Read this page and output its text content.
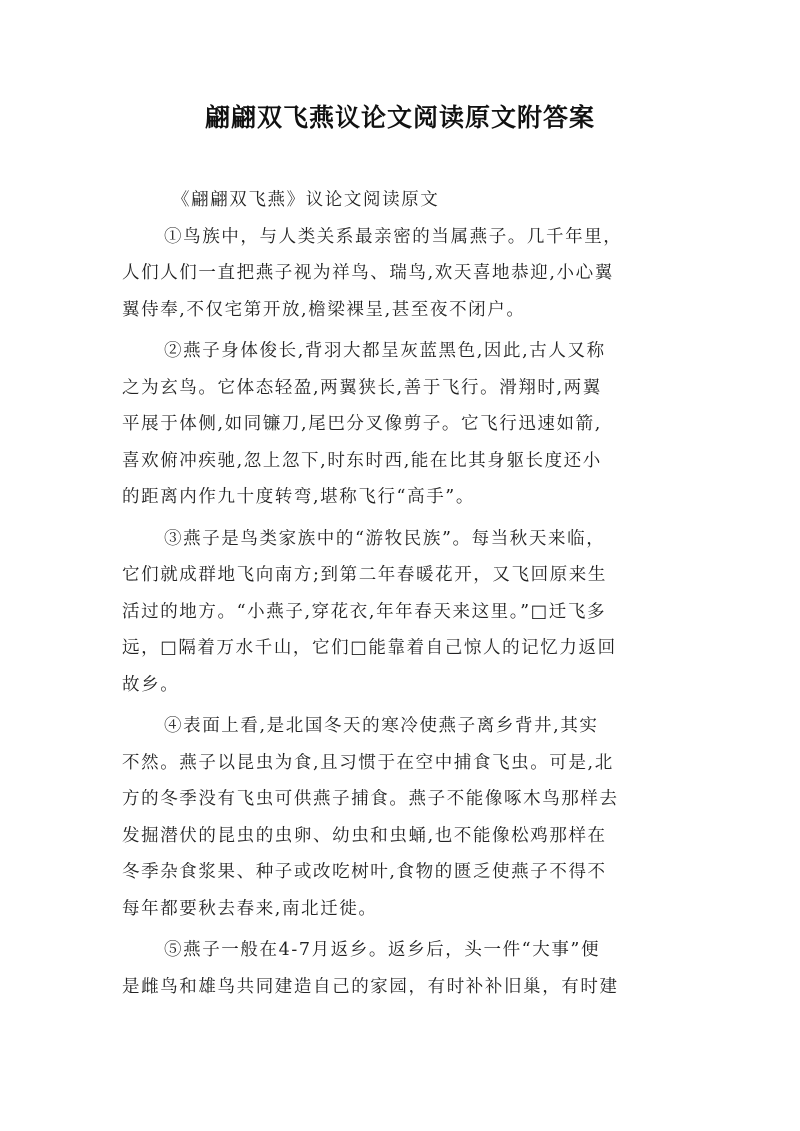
翩翩双飞燕议论文阅读原文附答案
《翩翩双飞燕》议论文阅读原文
①鸟族中，与人类关系最亲密的当属燕子。几千年里，
人们人们一直把燕子视为祥鸟、瑞鸟,欢天喜地恭迎,小心翼
翼侍奉,不仅宅第开放,檐梁裸呈,甚至夜不闭户。
②燕子身体俊长,背羽大都呈灰蓝黑色,因此,古人又称
之为玄鸟。它体态轻盈,两翼狭长,善于飞行。滑翔时,两翼
平展于体侧,如同镰刀,尾巴分叉像剪子。它飞行迅速如箭,
喜欢俯冲疾驰,忽上忽下,时东时西,能在比其身躯长度还小
的距离内作九十度转弯,堪称飞行“高手”。
③燕子是鸟类家族中的“游牧民族”。每当秋天来临，
它们就成群地飞向南方;到第二年春暖花开，又飞回原来生
活过的地方。“小燕子,穿花衣,年年春天来这里。”□迁飞多
远，□隔着万水千山，它们□能靠着自己惊人的记忆力返回
故乡。
④表面上看,是北国冬天的寒冷使燕子离乡背井,其实
不然。燕子以昆虫为食,且习惯于在空中捕食飞虫。可是,北
方的冬季没有飞虫可供燕子捕食。燕子不能像啄木鸟那样去
发掘潜伏的昆虫的虫卵、幼虫和虫蛹,也不能像松鸡那样在
冬季杂食浆果、种子或改吃树叶,食物的匮乏使燕子不得不
每年都要秋去春来,南北迁徙。
⑤燕子一般在4-7月返乡。返乡后，头一件“大事”便
是雌鸟和雄鸟共同建造自己的家园，有时补补旧巢，有时建
